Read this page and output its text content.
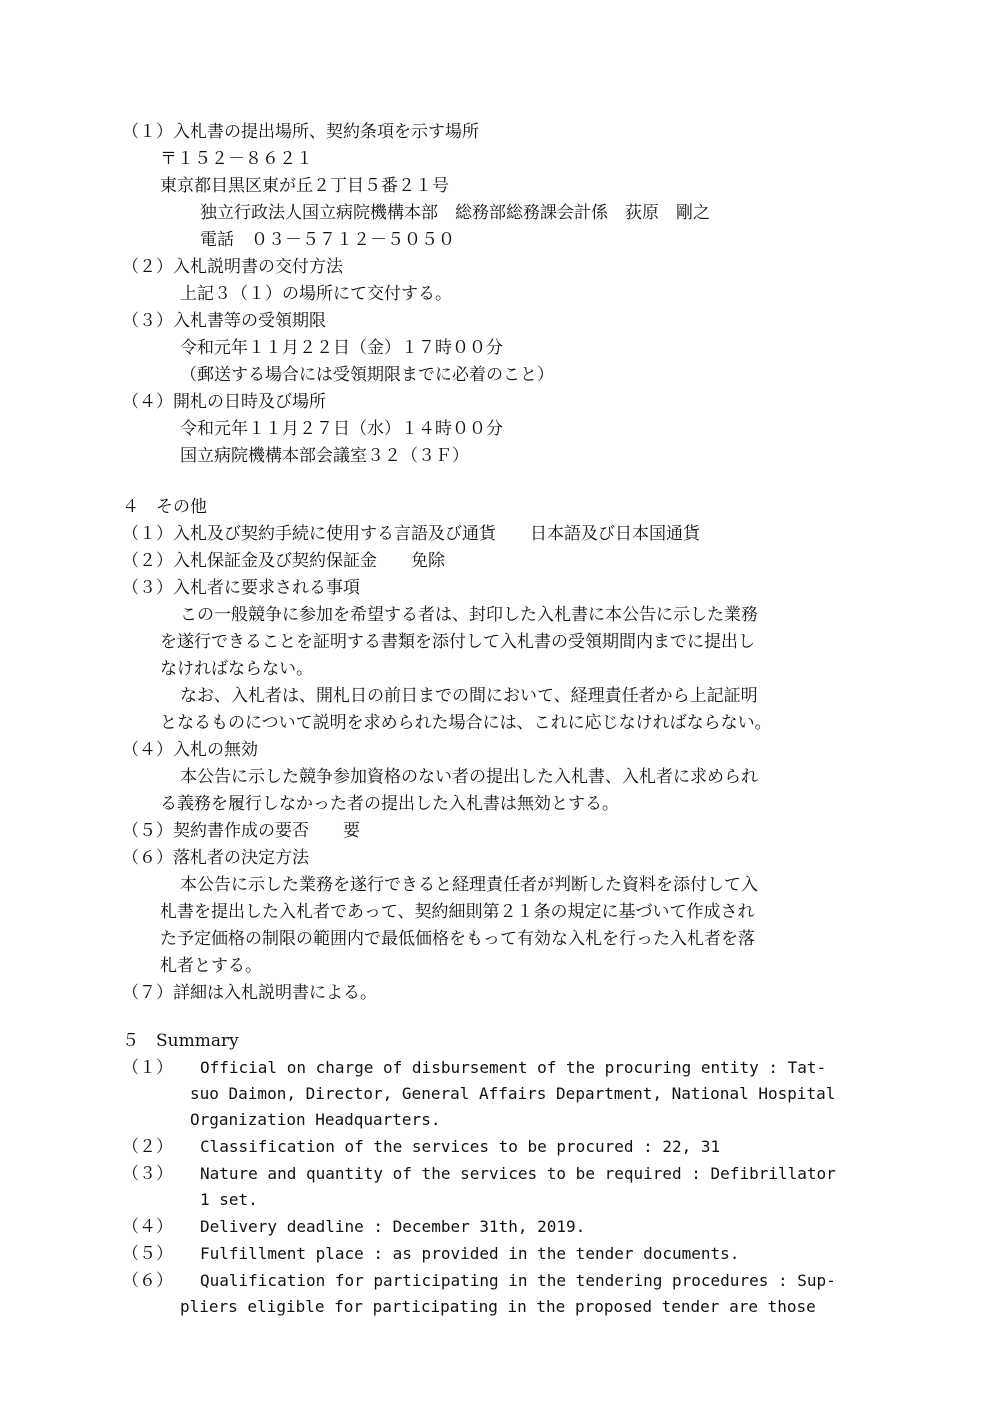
（１）入札書の提出場所、契約条項を示す場所
〒１５２－８６２１
東京都目黒区東が丘２丁目５番２１号
独立行政法人国立病院機構本部　総務部総務課会計係　荻原　剛之
電話　０３－５７１２－５０５０
（２）入札説明書の交付方法
上記３（１）の場所にて交付する。
（３）入札書等の受領期限
令和元年１１月２２日（金）１７時００分
（郵送する場合には受領期限までに必着のこと）
（４）開札の日時及び場所
令和元年１１月２７日（水）１４時００分
国立病院機構本部会議室３２（３Ｆ）
４　その他
（１）入札及び契約手続に使用する言語及び通貨　　日本語及び日本国通貨
（２）入札保証金及び契約保証金　　免除
（３）入札者に要求される事項
この一般競争に参加を希望する者は、封印した入札書に本公告に示した業務
を遂行できることを証明する書類を添付して入札書の受領期間内までに提出し
なければならない。
なお、入札者は、開札日の前日までの間において、経理責任者から上記証明
となるものについて説明を求められた場合には、これに応じなければならない。
（４）入札の無効
本公告に示した競争参加資格のない者の提出した入札書、入札者に求められ
る義務を履行しなかった者の提出した入札書は無効とする。
（５）契約書作成の要否　　要
（６）落札者の決定方法
本公告に示した業務を遂行できると経理責任者が判断した資料を添付して入
札書を提出した入札者であって、契約細則第２１条の規定に基づいて作成され
た予定価格の制限の範囲内で最低価格をもって有効な入札を行った入札者を落
札者とする。
（７）詳細は入札説明書による。
５　Summary
（１） Official on charge of disbursement of the procuring entity : Tat-
suo Daimon, Director, General Affairs Department, National Hospital
Organization Headquarters.
（２） Classification of the services to be procured : 22, 31
（３） Nature and quantity of the services to be required : Defibrillator
1 set.
（４） Delivery deadline : December 31th, 2019.
（５） Fulfillment place : as provided in the tender documents.
（６） Qualification for participating in the tendering procedures : Sup-
pliers eligible for participating in the proposed tender are those
